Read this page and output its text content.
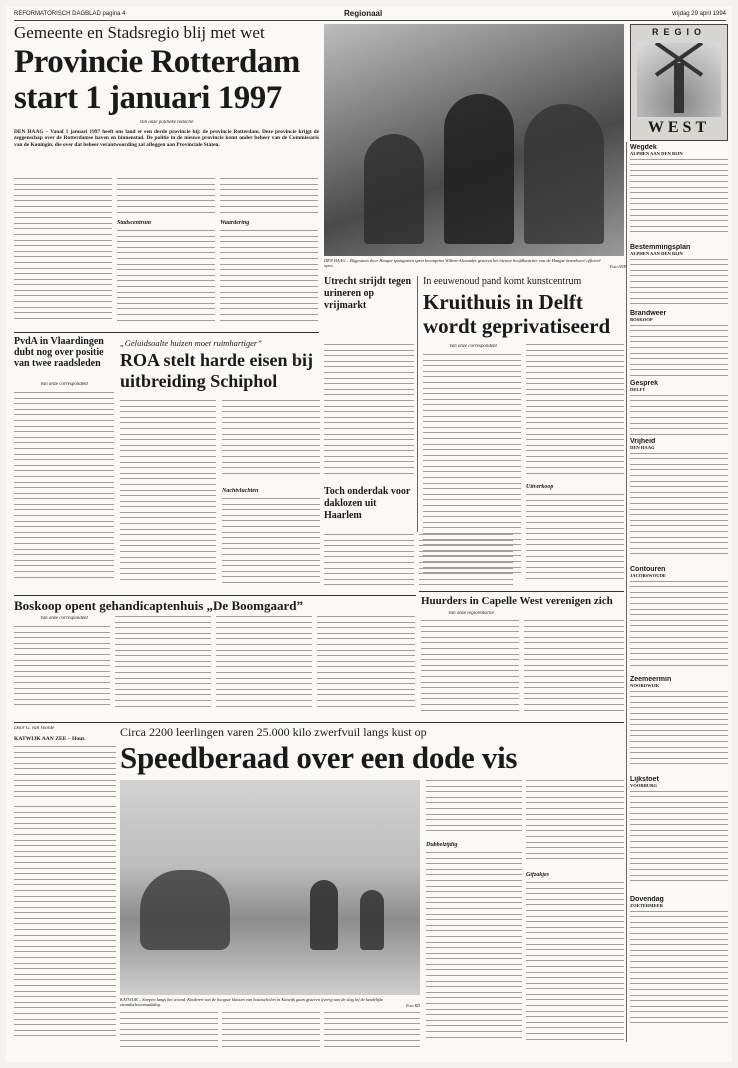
REFORMATORISCH DAGBLAD pagina 4	Regionaal	vrijdag 29 april 1994
Gemeente en Stadsregio blij met wet
Provincie Rotterdam
start 1 januari 1997
Van onze politieke redactie
DEN HAAG – Vanaf 1 januari 1997 heeft ons land er een derde provincie bij: de provincie Rotterdam. Deze provincie krijgt de zeggenschap over de Rotterdamse haven en binnenstad. De politie in de nieuwe provincie komt onder beheer van de Commissaris van de Koningin, die over dat beheer verantwoording zal afleggen aan Provinciale Staten.
Stadscentrum	Waardering
DEN HAAG – Bijgestaan door Haagse spuitgasten speet kroonprins Willem-Alexander gisteren het nieuwe hoofdkwartier van de Haagse brandweer officieel open.	Foto ANP
REGIO
WEST
Wegdek
ALPHEN AAN DEN RIJN
Bestemmingsplan
ALPHEN AAN DEN RIJN
Brandweer
BOSKOOP
Gesprek
DELFT
Vrijheid
DEN HAAG
Contouren
JACOBSWOUDE
Zeemeermin
NOORDWIJK
Lijkstoet
VOORBURG
Dovendag
ZOETERMEER
PvdA in Vlaardingen dubt nog over positie van twee raadsleden
Van onze correspondent
„Geluidsoalte huizen moet ruimhartiger”
ROA stelt harde eisen bij uitbreiding Schiphol
Nachtvluchten
Utrecht strijdt tegen urineren op vrijmarkt
Toch onderdak voor daklozen uit Haarlem
In eeuwenoud pand komt kunstcentrum
Kruithuis in Delft wordt geprivatiseerd
Van onze correspondent
Uitverkoop
Huurders in Capelle West verenigen zich
Van onze regioredactie
Boskoop opent gehandicaptenhuis „De Boomgaard”
Van onze correspondent
Door G. van Voorde	Circa 2200 leerlingen varen 25.000 kilo zwerfvuil langs kust op
Speedberaad over een dode vis
KATWIJK AAN ZEE – Hout.
KATWIJK – Strepen langs het strand. Kinderen van de hoogste klassen van basisscholen in Katwijk gaan gisteren ijverig aan de slag bij de landelijke strandschoonmaakdag.	Foto RD
Dubbelzijdig
Gifzakjes
